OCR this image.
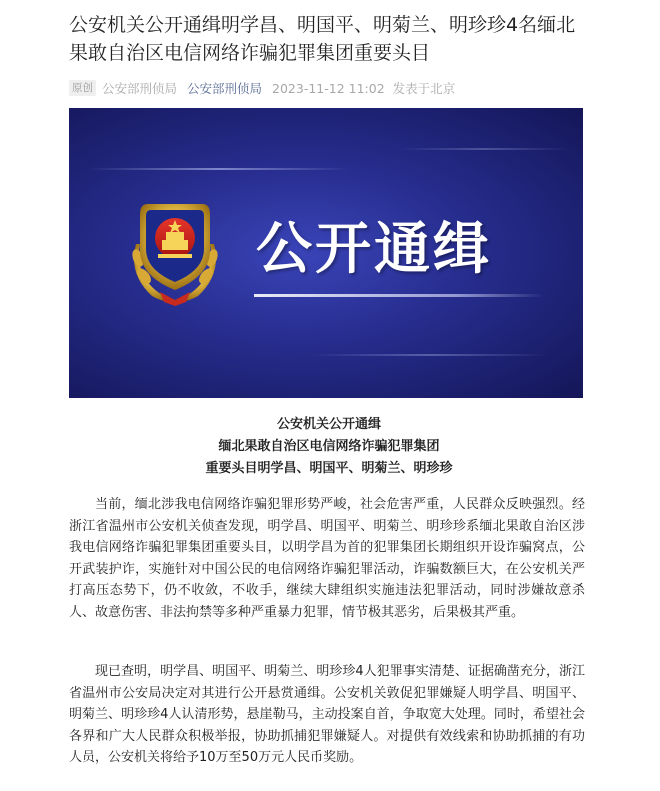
公安机关公开通缉明学昌、明国平、明菊兰、明珍珍4名缅北果敢自治区电信网络诈骗犯罪集团重要头目
原创 公安部刑侦局 公安部刑侦局 2023-11-12 11:02 发表于北京
公开通缉
公安机关公开通缉
缅北果敢自治区电信网络诈骗犯罪集团
重要头目明学昌、明国平、明菊兰、明珍珍

当前，缅北涉我电信网络诈骗犯罪形势严峻，社会危害严重，人民群众反映强烈。经浙江省温州市公安机关侦查发现，明学昌、明国平、明菊兰、明珍珍系缅北果敢自治区涉我电信网络诈骗犯罪集团重要头目，以明学昌为首的犯罪集团长期组织开设诈骗窝点，公开武装护诈，实施针对中国公民的电信网络诈骗犯罪活动，诈骗数额巨大，在公安机关严打高压态势下，仍不收敛，不收手，继续大肆组织实施违法犯罪活动，同时涉嫌故意杀人、故意伤害、非法拘禁等多种严重暴力犯罪，情节极其恶劣，后果极其严重。

现已查明，明学昌、明国平、明菊兰、明珍珍4人犯罪事实清楚、证据确凿充分，浙江省温州市公安局决定对其进行公开悬赏通缉。公安机关敦促犯罪嫌疑人明学昌、明国平、明菊兰、明珍珍4人认清形势，悬崖勒马，主动投案自首，争取宽大处理。同时，希望社会各界和广大人民群众积极举报，协助抓捕犯罪嫌疑人。对提供有效线索和协助抓捕的有功人员，公安机关将给予10万至50万元人民币奖励。
